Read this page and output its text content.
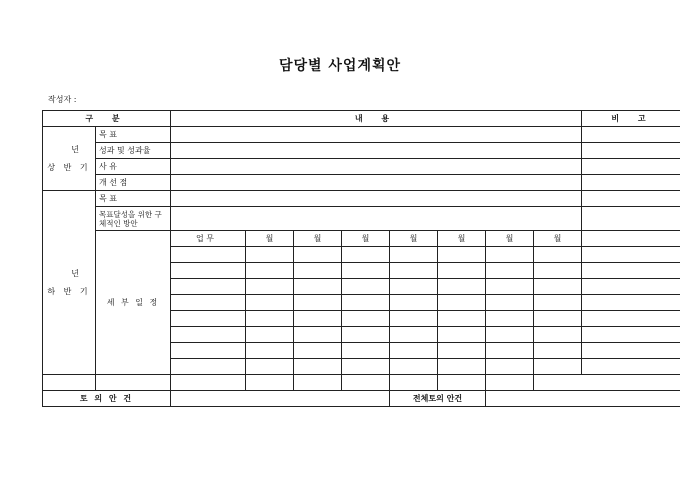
담당별 사업계획안
작성자 :
구 분		내 용								비 고

년
상 반 기	목 표									
	성과 및 성과율									
	사 유									
	개 선 점									

년
하 반 기	목 표									
	목표달성을 위한 구체적인 방안									
	세 부 일 정	업 무	월	월	월	월	월	월	월	

토 의 안 건						전체토의 안건				
